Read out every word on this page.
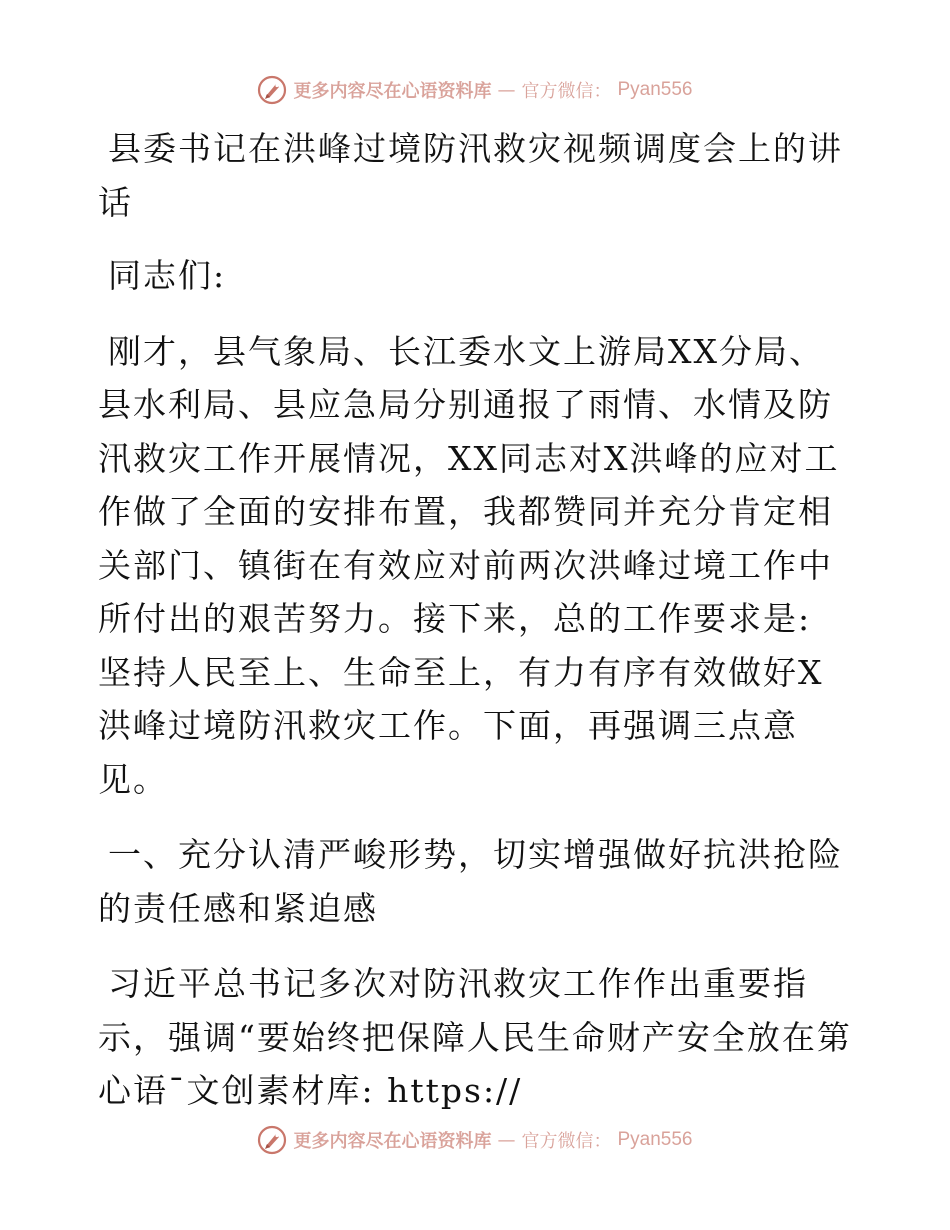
更多内容尽在心语资料库 — 官方微信： Pyan556

县委书记在洪峰过境防汛救灾视频调度会上的讲话

同志们:

刚才，县气象局、长江委水文上游局XX分局、县水利局、县应急局分别通报了雨情、水情及防汛救灾工作开展情况，XX同志对X洪峰的应对工作做了全面的安排布置，我都赞同并充分肯定相关部门、镇街在有效应对前两次洪峰过境工作中所付出的艰苦努力。接下来，总的工作要求是: 坚持人民至上、生命至上，有力有序有效做好X洪峰过境防汛救灾工作。下面，再强调三点意见。

一、充分认清严峻形势，切实增强做好抗洪抢险的责任感和紧迫感

习近平总书记多次对防汛救灾工作作出重要指示，强调“要始终把保障人民生命财产安全放在第心语¯文创素材库: https://

更多内容尽在心语资料库 — 官方微信： Pyan556
